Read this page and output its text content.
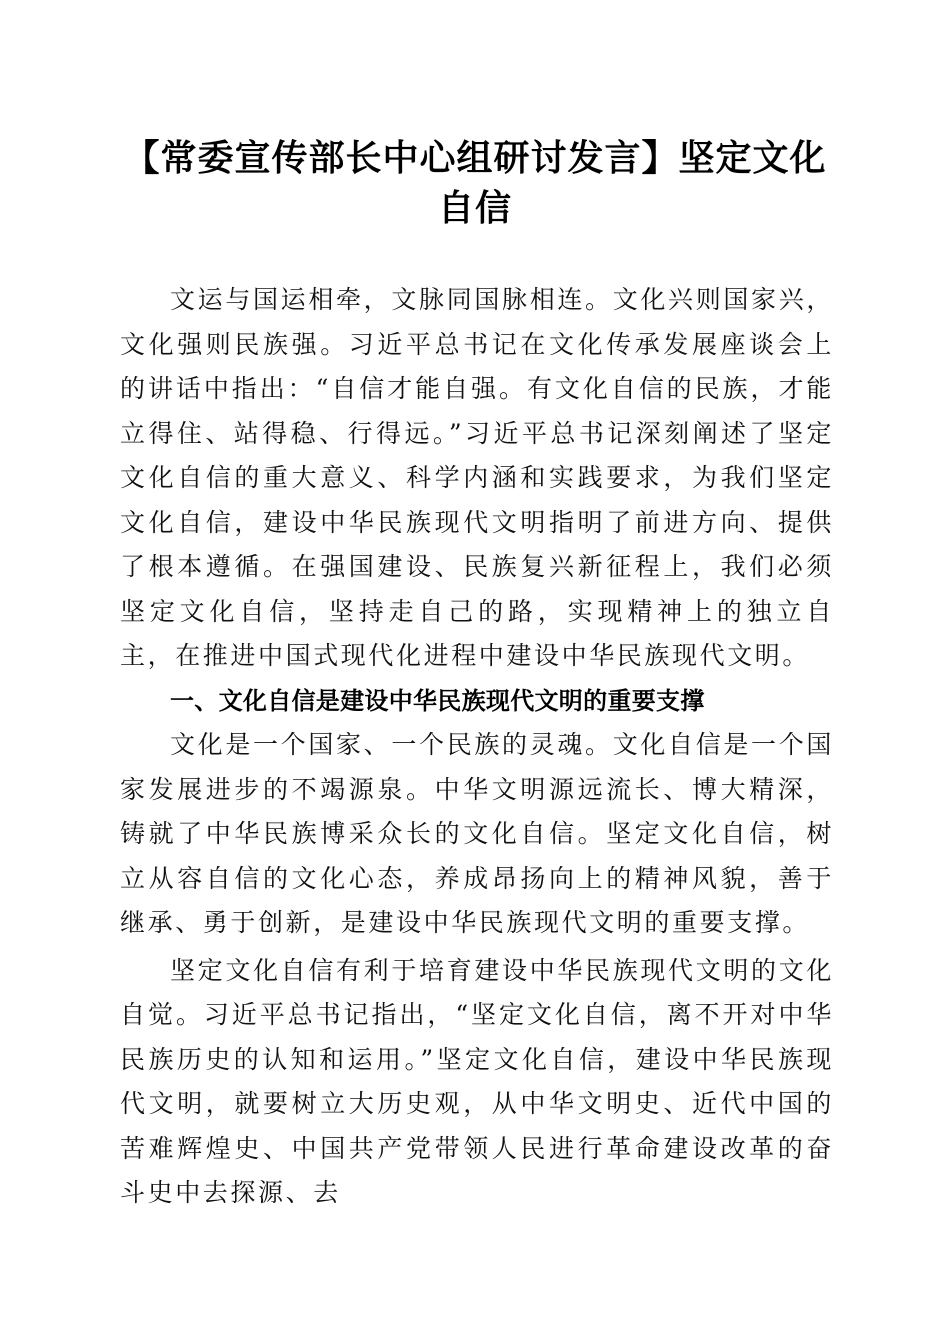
【常委宣传部长中心组研讨发言】坚定文化自信

文运与国运相牵，文脉同国脉相连。文化兴则国家兴，文化强则民族强。习近平总书记在文化传承发展座谈会上的讲话中指出：“自信才能自强。有文化自信的民族，才能立得住、站得稳、行得远。”习近平总书记深刻阐述了坚定文化自信的重大意义、科学内涵和实践要求，为我们坚定文化自信，建设中华民族现代文明指明了前进方向、提供了根本遵循。在强国建设、民族复兴新征程上，我们必须坚定文化自信，坚持走自己的路，实现精神上的独立自主，在推进中国式现代化进程中建设中华民族现代文明。

一、文化自信是建设中华民族现代文明的重要支撑

文化是一个国家、一个民族的灵魂。文化自信是一个国家发展进步的不竭源泉。中华文明源远流长、博大精深，铸就了中华民族博采众长的文化自信。坚定文化自信，树立从容自信的文化心态，养成昂扬向上的精神风貌，善于继承、勇于创新，是建设中华民族现代文明的重要支撑。

坚定文化自信有利于培育建设中华民族现代文明的文化自觉。习近平总书记指出，“坚定文化自信，离不开对中华民族历史的认知和运用。”坚定文化自信，建设中华民族现代文明，就要树立大历史观，从中华文明史、近代中国的苦难辉煌史、中国共产党带领人民进行革命建设改革的奋斗史中去探源、去
